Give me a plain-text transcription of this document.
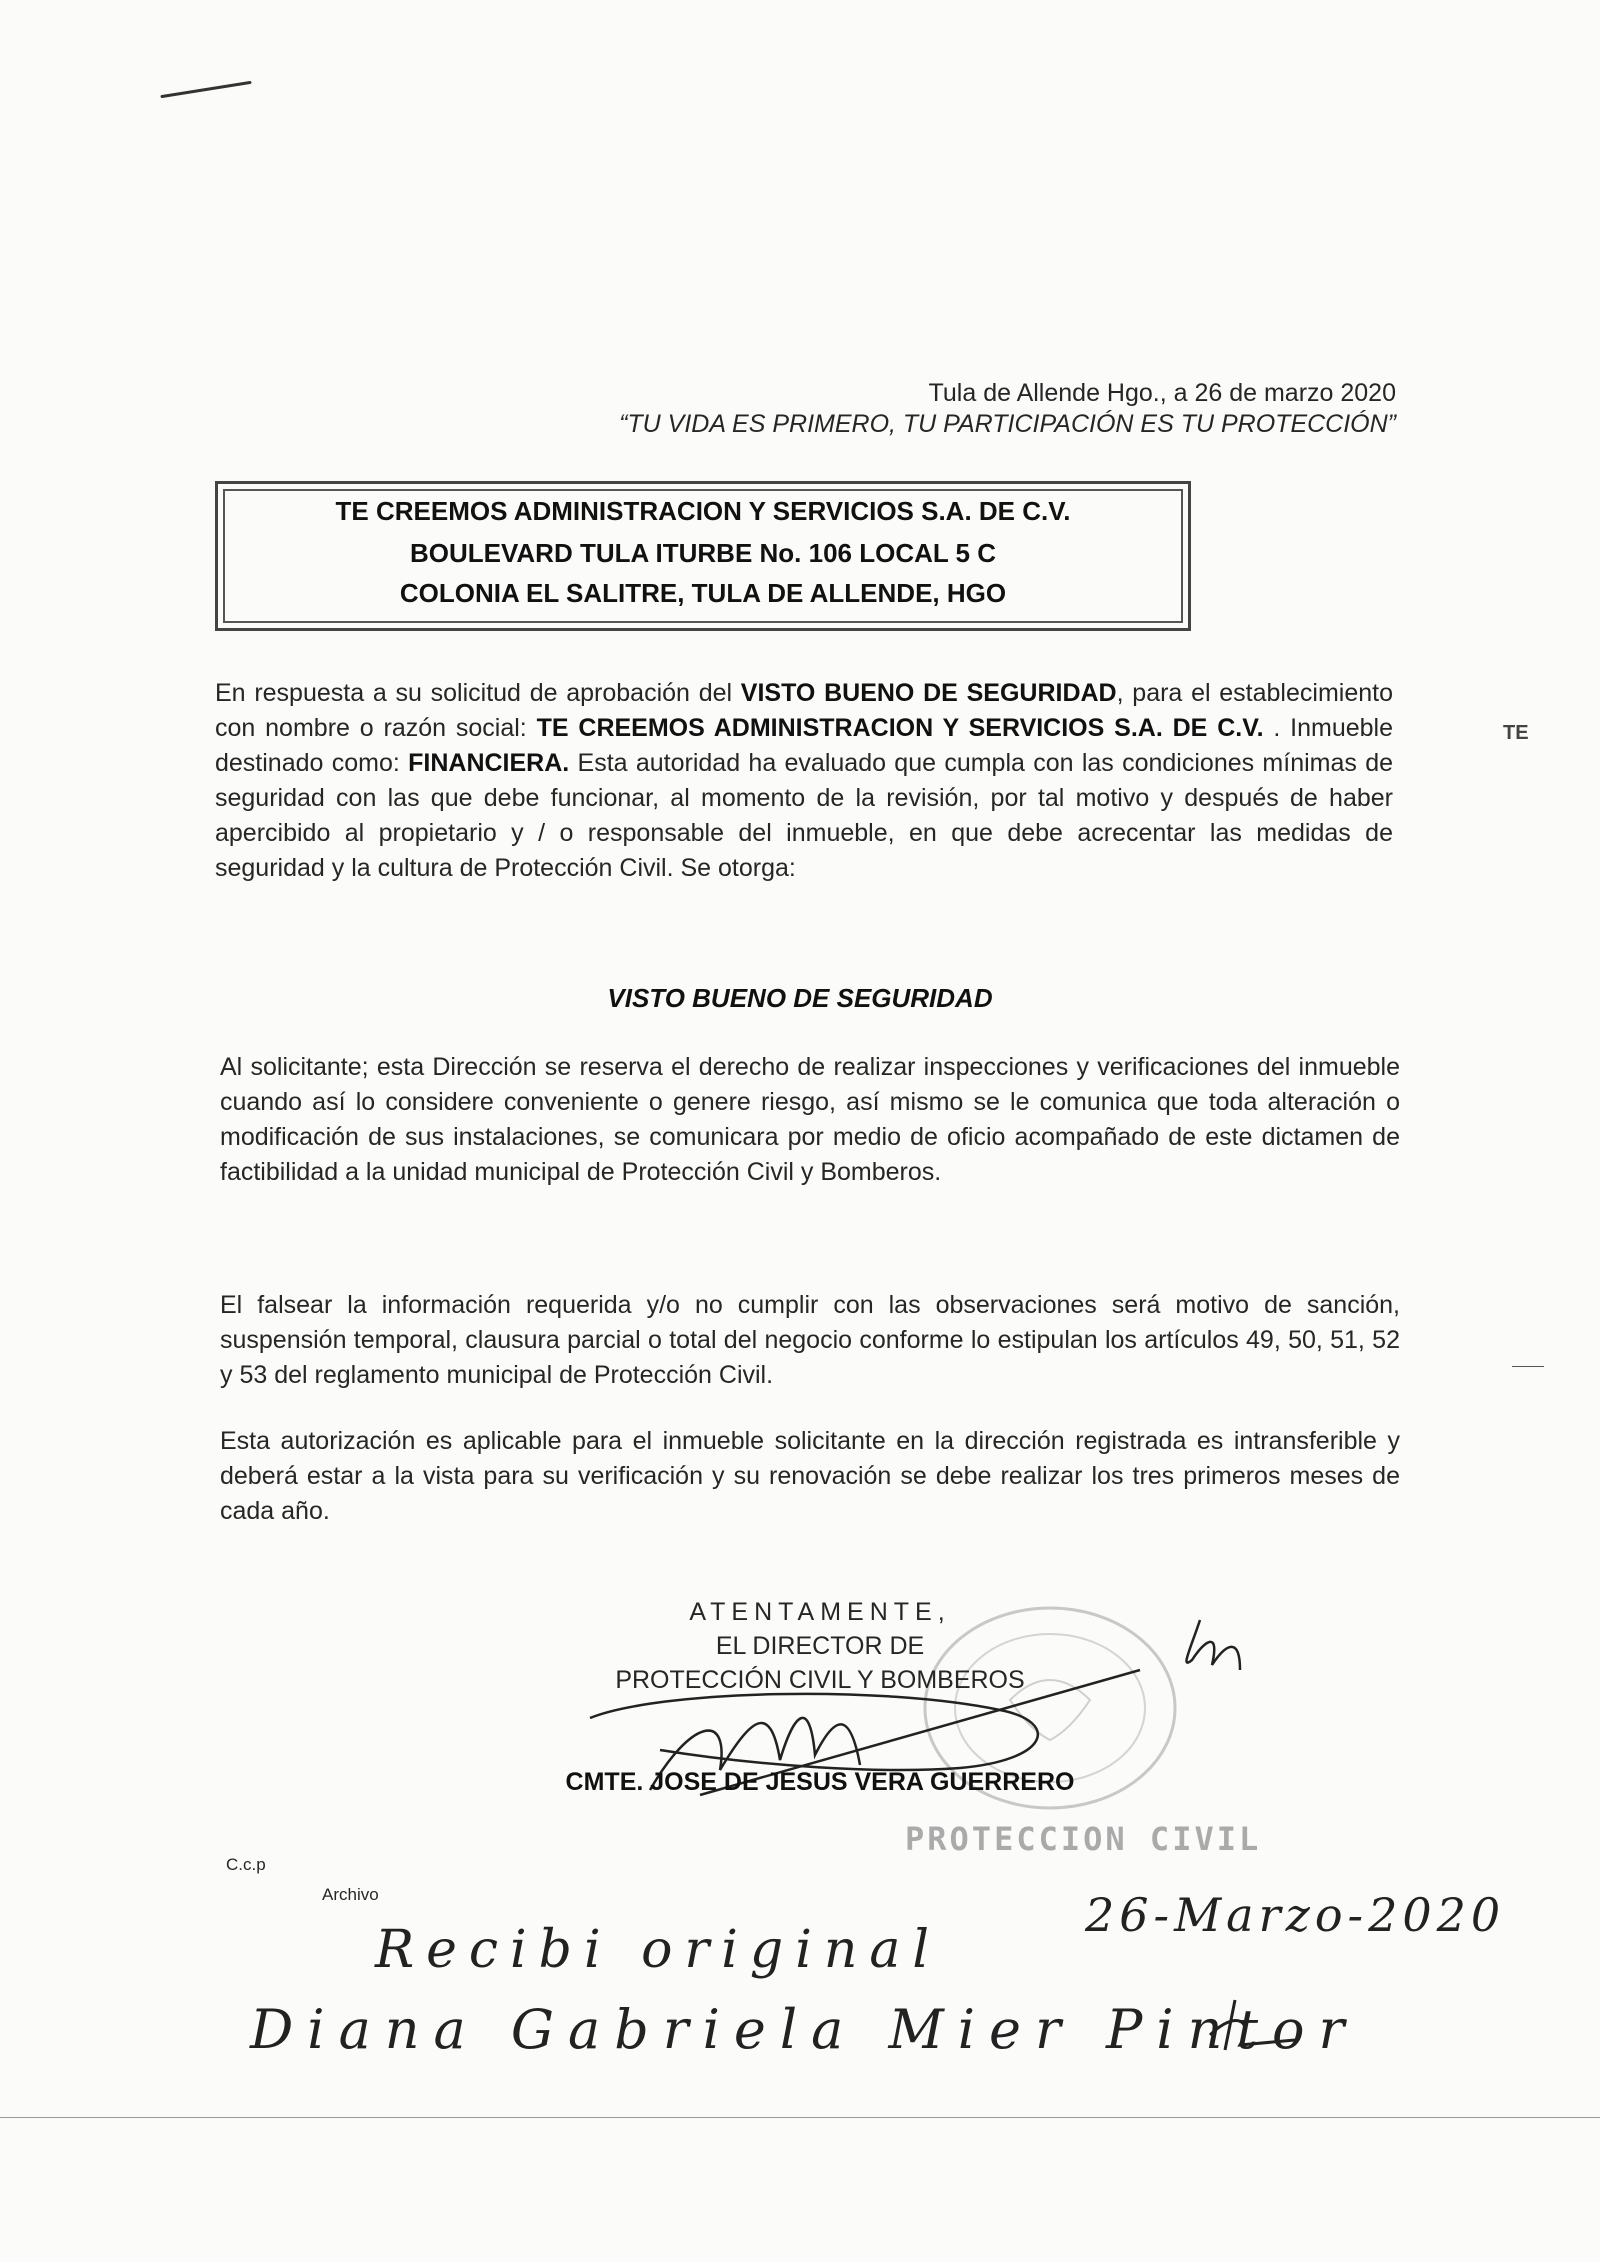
Tula de Allende Hgo., a 26 de marzo 2020
“TU VIDA ES PRIMERO, TU PARTICIPACIÓN ES TU PROTECCIÓN”
TE CREEMOS ADMINISTRACION Y SERVICIOS S.A. DE C.V.
BOULEVARD TULA ITURBE No. 106 LOCAL 5 C
COLONIA EL SALITRE, TULA DE ALLENDE, HGO
En respuesta a su solicitud de aprobación del VISTO BUENO DE SEGURIDAD, para el establecimiento con nombre o razón social: TE CREEMOS ADMINISTRACION Y SERVICIOS S.A. DE C.V. . Inmueble destinado como: FINANCIERA. Esta autoridad ha evaluado que cumpla con las condiciones mínimas de seguridad con las que debe funcionar, al momento de la revisión, por tal motivo y después de haber apercibido al propietario y / o responsable del inmueble, en que debe acrecentar las medidas de seguridad y la cultura de Protección Civil. Se otorga:
VISTO BUENO DE SEGURIDAD
Al solicitante; esta Dirección se reserva el derecho de realizar inspecciones y verificaciones del inmueble cuando así lo considere conveniente o genere riesgo, así mismo se le comunica que toda alteración o modificación de sus instalaciones, se comunicara por medio de oficio acompañado de este dictamen de factibilidad a la unidad municipal de Protección Civil y Bomberos.
El falsear la información requerida y/o no cumplir con las observaciones será motivo de sanción, suspensión temporal, clausura parcial o total del negocio conforme lo estipulan los artículos 49, 50, 51, 52 y 53 del reglamento municipal de Protección Civil.
Esta autorización es aplicable para el inmueble solicitante en la dirección registrada es intransferible y deberá estar a la vista para su verificación y su renovación se debe realizar los tres primeros meses de cada año.
ATENTAMENTE,
EL DIRECTOR DE
PROTECCIÓN CIVIL Y BOMBEROS
CMTE. JOSE DE JESUS VERA GUERRERO
PROTECCION CIVIL
C.c.p
Archivo	26-Marzo-2020
Recibi original
Diana Gabriela Mier Pintor
TE
